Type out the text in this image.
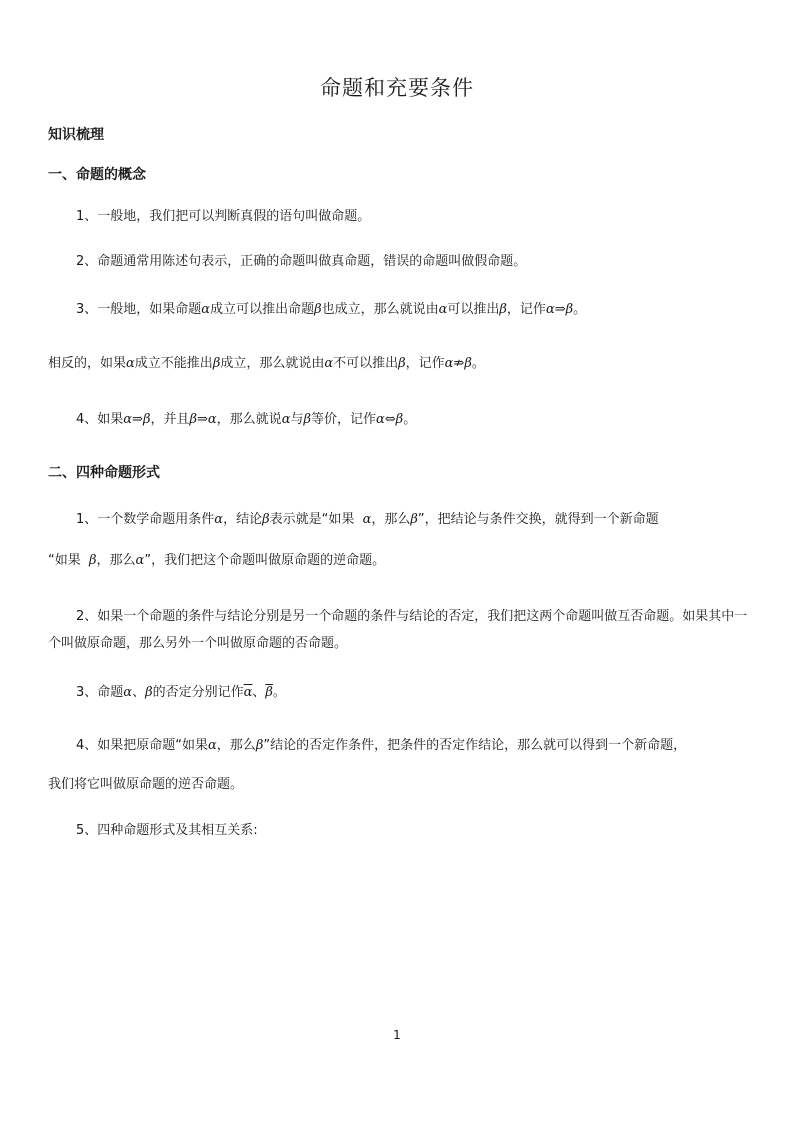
命题和充要条件
知识梳理
一、命题的概念
1、一般地，我们把可以判断真假的语句叫做命题。
2、命题通常用陈述句表示，正确的命题叫做真命题，错误的命题叫做假命题。
3、一般地，如果命题α成立可以推出命题β也成立，那么就说由α可以推出β，记作α⇒β。
相反的，如果α成立不能推出β成立，那么就说由α不可以推出β，记作α⇏β。
4、如果α⇒β，并且β⇒α，那么就说α与β等价，记作α⇔β。
二、四种命题形式
1、一个数学命题用条件α，结论β表示就是“如果 α，那么β”，把结论与条件交换，就得到一个新命题
“如果 β，那么α”，我们把这个命题叫做原命题的逆命题。
2、如果一个命题的条件与结论分别是另一个命题的条件与结论的否定，我们把这两个命题叫做互否命题。如果其中一个叫做原命题，那么另外一个叫做原命题的否命题。
3、命题α、β的否定分别记作$\overline{\alpha}$、$\overline{\beta}$。
4、如果把原命题“如果α，那么β”结论的否定作条件，把条件的否定作结论，那么就可以得到一个新命题，
我们将它叫做原命题的逆否命题。
5、四种命题形式及其相互关系:
1
